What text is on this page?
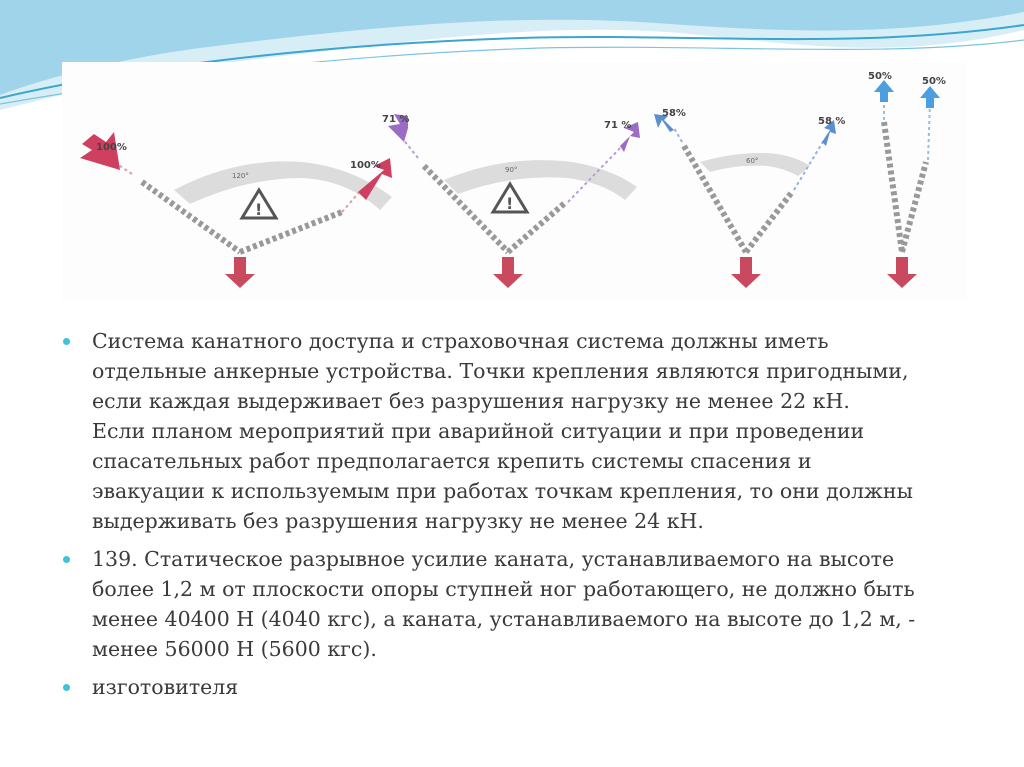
120°
!
100%
100%	90°
!
71 %
71 %
60°
58%
58 %
50%	50%
Система канатного доступа и страховочная система должны иметь
отдельные анкерные устройства. Точки крепления являются пригодными,
если каждая выдерживает без разрушения нагрузку не менее 22 кН.
Если планом мероприятий при аварийной ситуации и при проведении
спасательных работ предполагается крепить системы спасения и
эвакуации к используемым при работах точкам крепления, то они должны
выдерживать без разрушения нагрузку не менее 24 кН.
139. Статическое разрывное усилие каната, устанавливаемого на высоте
более 1,2 м от плоскости опоры ступней ног работающего, не должно быть
менее 40400 Н (4040 кгс), а каната, устанавливаемого на высоте до 1,2 м, -
менее 56000 Н (5600 кгс).
изготовителя
